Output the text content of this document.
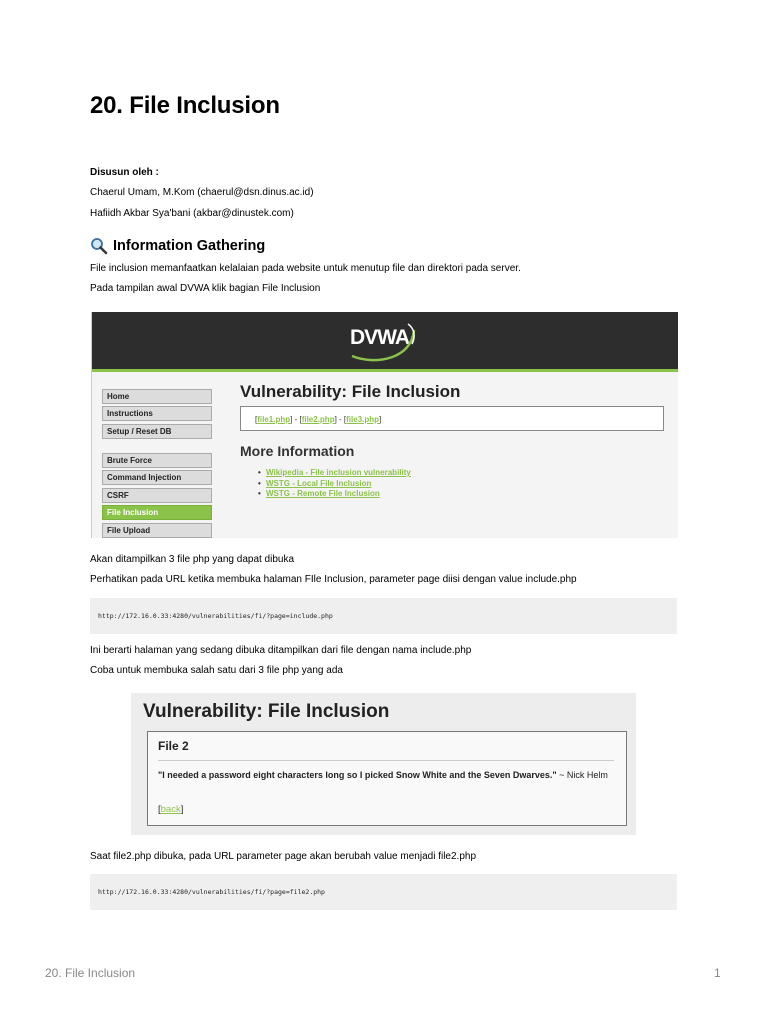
20. File Inclusion
Disusun oleh :
Chaerul Umam, M.Kom (chaerul@dsn.dinus.ac.id)
Hafiidh Akbar Sya'bani (akbar@dinustek.com)
Information Gathering
File inclusion memanfaatkan kelalaian pada website untuk menutup file dan direktori pada server.
Pada tampilan awal DVWA klik bagian File Inclusion
DVWA
Home
Instructions
Setup / Reset DB
Brute Force
Command Injection
CSRF
File Inclusion
File Upload
Vulnerability: File Inclusion
[file1.php] - [file2.php] - [file3.php]
More Information
• Wikipedia - File inclusion vulnerability
• WSTG - Local File Inclusion
• WSTG - Remote File Inclusion
Akan ditampilkan 3 file php yang dapat dibuka
Perhatikan pada URL ketika membuka halaman FIle Inclusion, parameter page diisi dengan value include.php
http://172.16.0.33:4280/vulnerabilities/fi/?page=include.php
Ini berarti halaman yang sedang dibuka ditampilkan dari file dengan nama include.php
Coba untuk membuka salah satu dari 3 file php yang ada
Vulnerability: File Inclusion
File 2
"I needed a password eight characters long so I picked Snow White and the Seven Dwarves." ~ Nick Helm
[back]
Saat file2.php dibuka, pada URL parameter page akan berubah value menjadi file2.php
http://172.16.0.33:4280/vulnerabilities/fi/?page=file2.php
20. File Inclusion	1
